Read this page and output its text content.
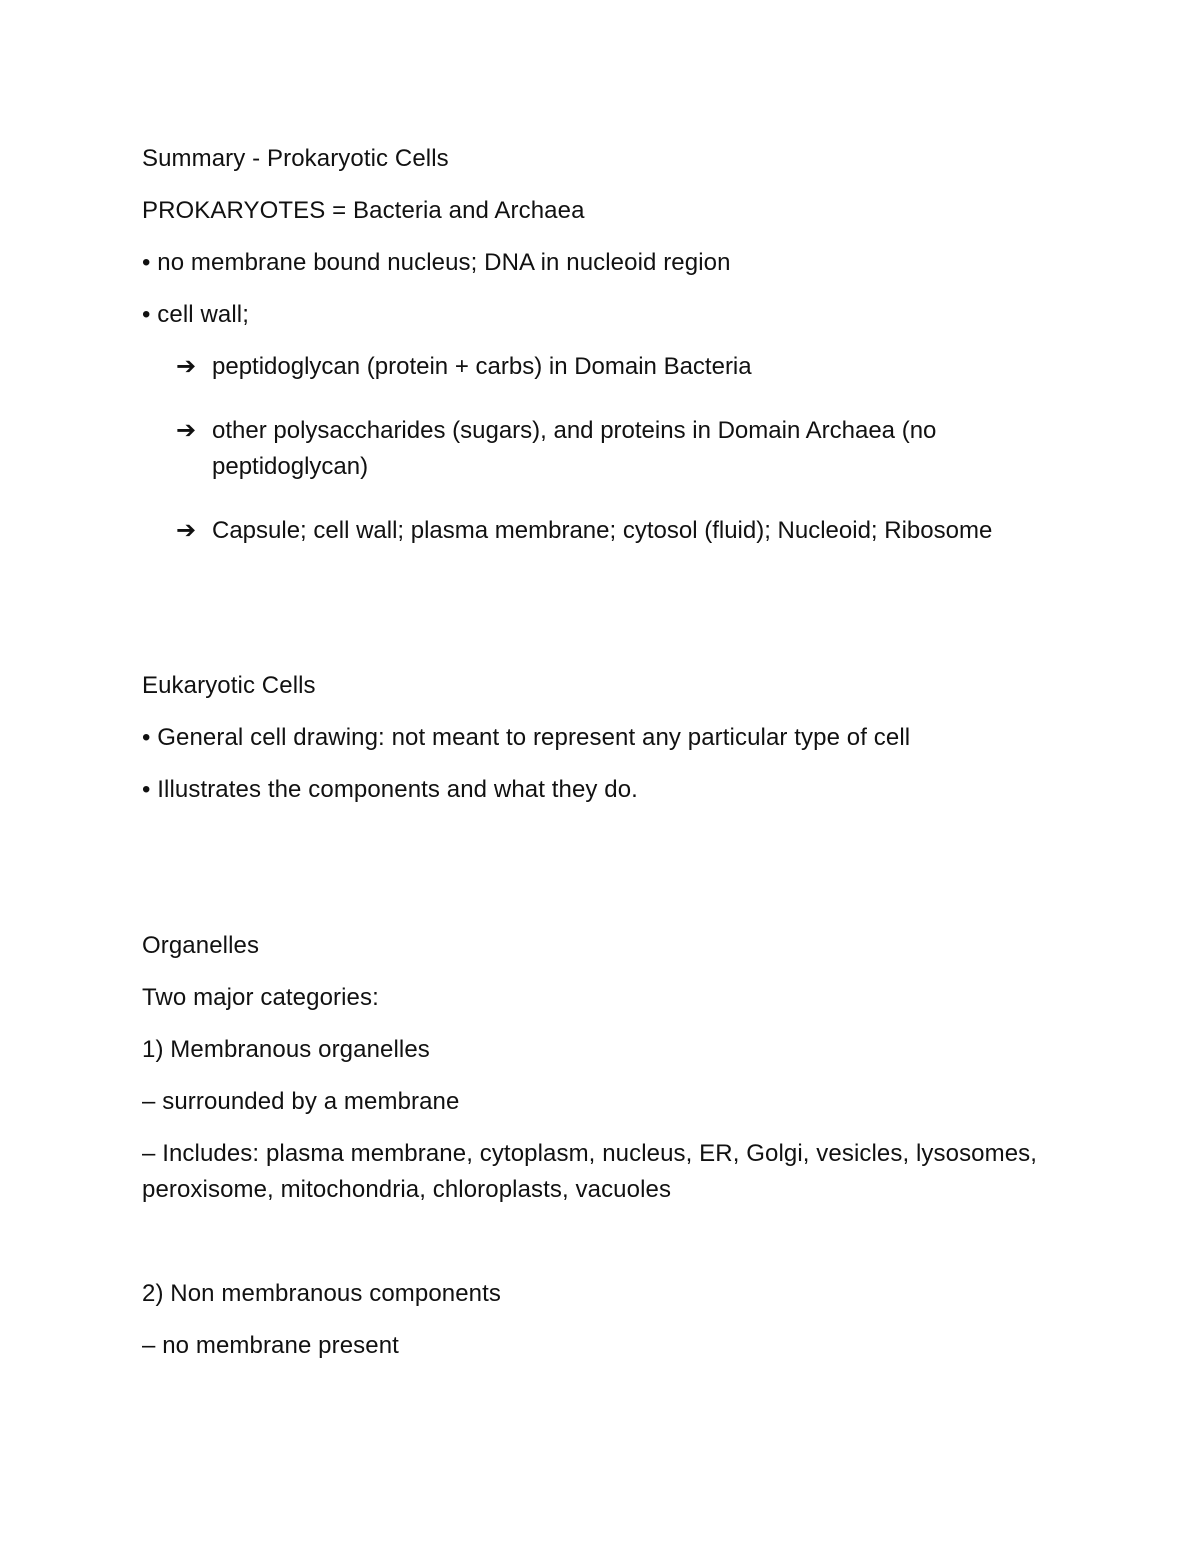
Summary - Prokaryotic Cells
PROKARYOTES = Bacteria and Archaea
• no membrane bound nucleus; DNA in nucleoid region
• cell wall;
➔ peptidoglycan (protein + carbs) in Domain Bacteria
➔ other polysaccharides (sugars), and proteins in Domain Archaea (no peptidoglycan)
➔ Capsule; cell wall; plasma membrane; cytosol (fluid); Nucleoid; Ribosome
Eukaryotic Cells
• General cell drawing: not meant to represent any particular type of cell
• Illustrates the components and what they do.
Organelles
Two major categories:
1) Membranous organelles
– surrounded by a membrane
– Includes: plasma membrane, cytoplasm, nucleus, ER, Golgi, vesicles, lysosomes, peroxisome, mitochondria, chloroplasts, vacuoles
2) Non membranous components
– no membrane present
